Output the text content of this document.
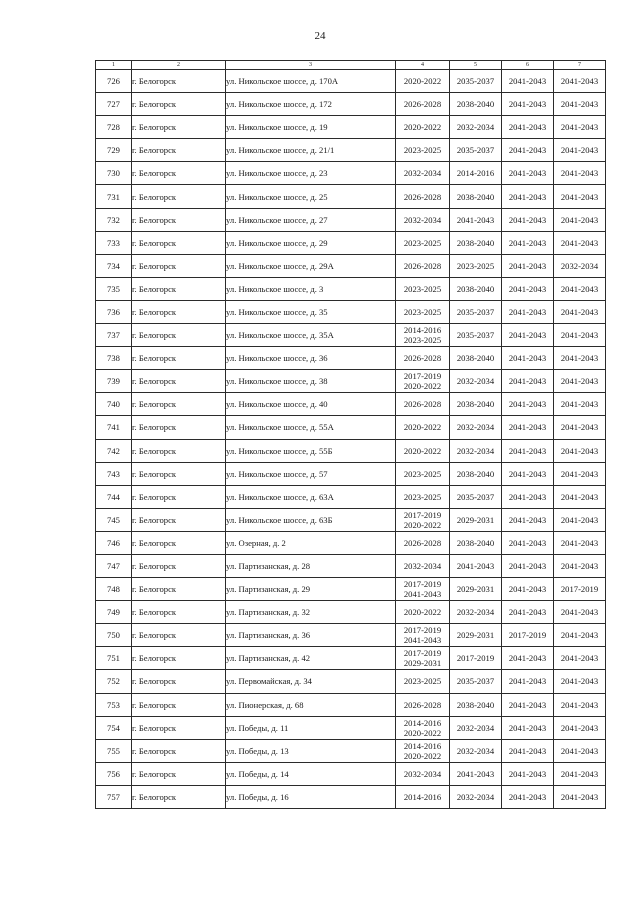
24
1	2	3	4	5	6	7
726	г. Белогорск	ул. Никольское шоссе, д. 170А	2020-2022	2035-2037	2041-2043	2041-2043
727	г. Белогорск	ул. Никольское шоссе, д. 172	2026-2028	2038-2040	2041-2043	2041-2043
728	г. Белогорск	ул. Никольское шоссе, д. 19	2020-2022	2032-2034	2041-2043	2041-2043
729	г. Белогорск	ул. Никольское шоссе, д. 21/1	2023-2025	2035-2037	2041-2043	2041-2043
730	г. Белогорск	ул. Никольское шоссе, д. 23	2032-2034	2014-2016	2041-2043	2041-2043
731	г. Белогорск	ул. Никольское шоссе, д. 25	2026-2028	2038-2040	2041-2043	2041-2043
732	г. Белогорск	ул. Никольское шоссе, д. 27	2032-2034	2041-2043	2041-2043	2041-2043
733	г. Белогорск	ул. Никольское шоссе, д. 29	2023-2025	2038-2040	2041-2043	2041-2043
734	г. Белогорск	ул. Никольское шоссе, д. 29А	2026-2028	2023-2025	2041-2043	2032-2034
735	г. Белогорск	ул. Никольское шоссе, д. 3	2023-2025	2038-2040	2041-2043	2041-2043
736	г. Белогорск	ул. Никольское шоссе, д. 35	2023-2025	2035-2037	2041-2043	2041-2043
737	г. Белогорск	ул. Никольское шоссе, д. 35А	2014-2016
2023-2025	2035-2037	2041-2043	2041-2043
738	г. Белогорск	ул. Никольское шоссе, д. 36	2026-2028	2038-2040	2041-2043	2041-2043
739	г. Белогорск	ул. Никольское шоссе, д. 38	2017-2019
2020-2022	2032-2034	2041-2043	2041-2043
740	г. Белогорск	ул. Никольское шоссе, д. 40	2026-2028	2038-2040	2041-2043	2041-2043
741	г. Белогорск	ул. Никольское шоссе, д. 55А	2020-2022	2032-2034	2041-2043	2041-2043
742	г. Белогорск	ул. Никольское шоссе, д. 55Б	2020-2022	2032-2034	2041-2043	2041-2043
743	г. Белогорск	ул. Никольское шоссе, д. 57	2023-2025	2038-2040	2041-2043	2041-2043
744	г. Белогорск	ул. Никольское шоссе, д. 63А	2023-2025	2035-2037	2041-2043	2041-2043
745	г. Белогорск	ул. Никольское шоссе, д. 63Б	2017-2019
2020-2022	2029-2031	2041-2043	2041-2043
746	г. Белогорск	ул. Озерная, д. 2	2026-2028	2038-2040	2041-2043	2041-2043
747	г. Белогорск	ул. Партизанская, д. 28	2032-2034	2041-2043	2041-2043	2041-2043
748	г. Белогорск	ул. Партизанская, д. 29	2017-2019
2041-2043	2029-2031	2041-2043	2017-2019
749	г. Белогорск	ул. Партизанская, д. 32	2020-2022	2032-2034	2041-2043	2041-2043
750	г. Белогорск	ул. Партизанская, д. 36	2017-2019
2041-2043	2029-2031	2017-2019	2041-2043
751	г. Белогорск	ул. Партизанская, д. 42	2017-2019
2029-2031	2017-2019	2041-2043	2041-2043
752	г. Белогорск	ул. Первомайская, д. 34	2023-2025	2035-2037	2041-2043	2041-2043
753	г. Белогорск	ул. Пионерская, д. 68	2026-2028	2038-2040	2041-2043	2041-2043
754	г. Белогорск	ул. Победы, д. 11	2014-2016
2020-2022	2032-2034	2041-2043	2041-2043
755	г. Белогорск	ул. Победы, д. 13	2014-2016
2020-2022	2032-2034	2041-2043	2041-2043
756	г. Белогорск	ул. Победы, д. 14	2032-2034	2041-2043	2041-2043	2041-2043
757	г. Белогорск	ул. Победы, д. 16	2014-2016	2032-2034	2041-2043	2041-2043
